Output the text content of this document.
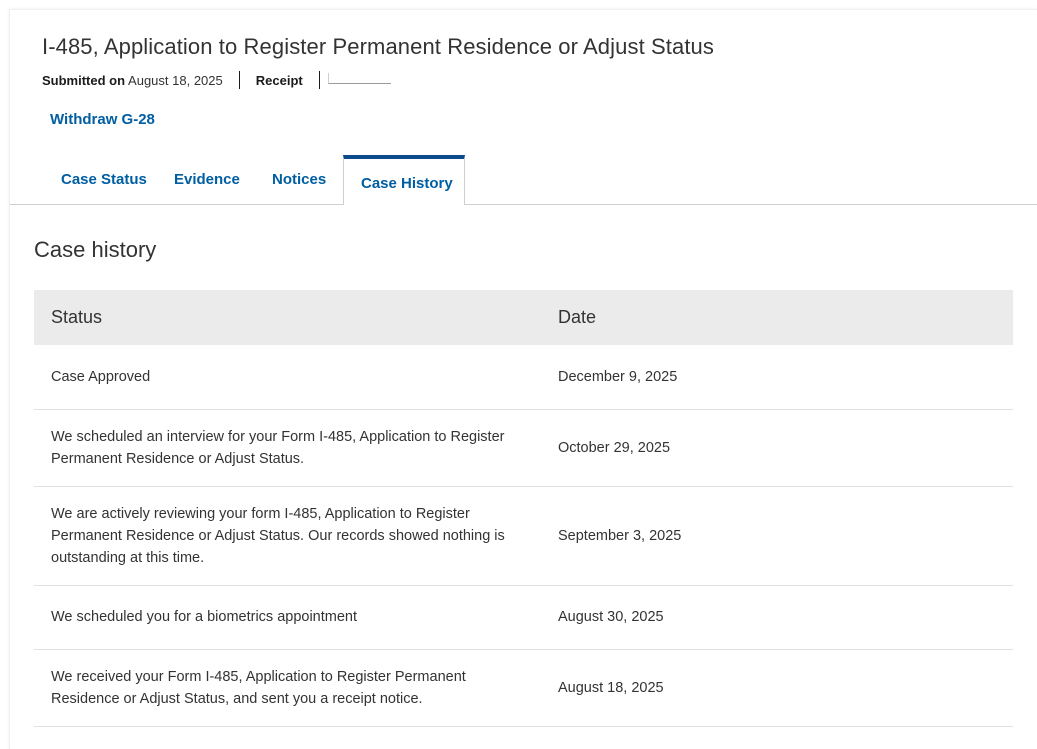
I-485, Application to Register Permanent Residence or Adjust Status
Submitted on August 18, 2025	Receipt
Withdraw G-28
Case Status Evidence Notices Case History
Case history
Status	Date
Case Approved	December 9, 2025
We scheduled an interview for your Form I-485, Application to Register Permanent Residence or Adjust Status.	October 29, 2025
We are actively reviewing your form I-485, Application to Register Permanent Residence or Adjust Status. Our records showed nothing is outstanding at this time.	September 3, 2025
We scheduled you for a biometrics appointment	August 30, 2025
We received your Form I-485, Application to Register Permanent Residence or Adjust Status, and sent you a receipt notice.	August 18, 2025
